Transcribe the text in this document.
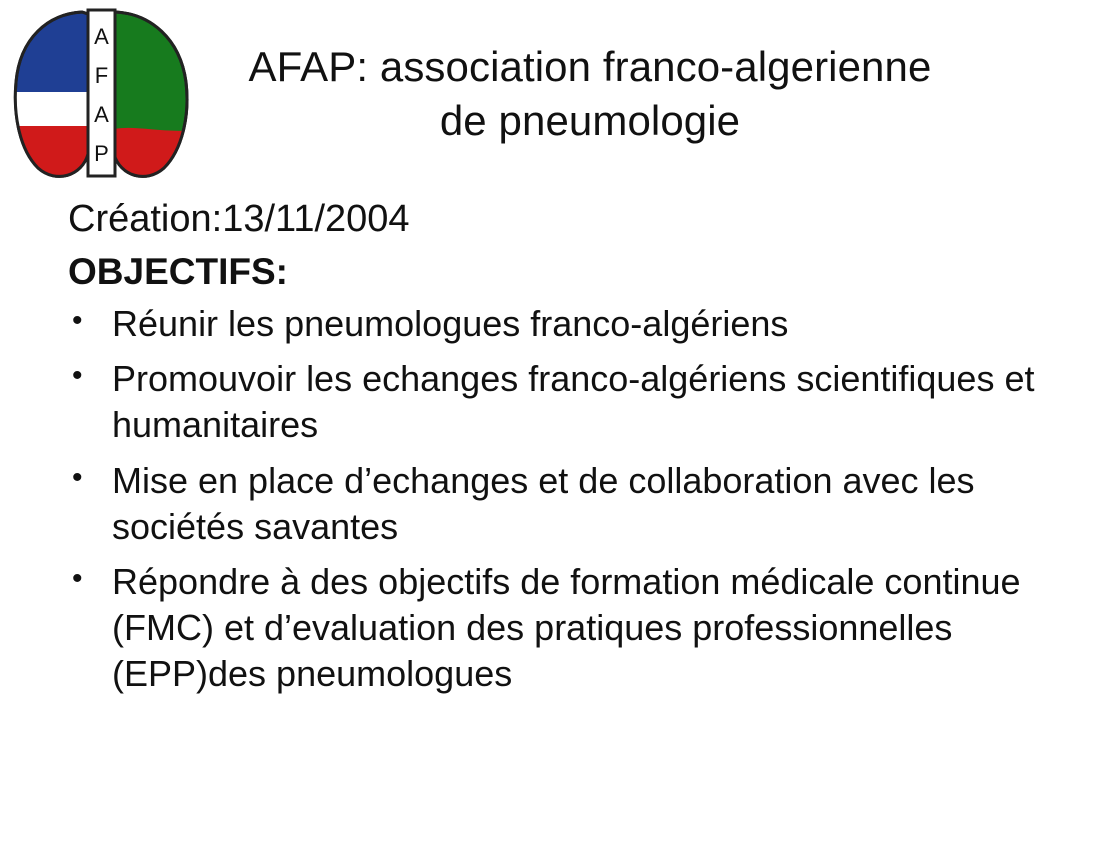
A
F
A
P
AFAP: association franco-algerienne
de pneumologie

Création:13/11/2004

OBJECTIFS:

• Réunir les pneumologues franco-algériens
• Promouvoir les echanges franco-algériens scientifiques et humanitaires
• Mise en place d’echanges et de collaboration avec les sociétés savantes
• Répondre à des objectifs de formation médicale continue (FMC) et d’evaluation des pratiques professionnelles (EPP)des pneumologues
